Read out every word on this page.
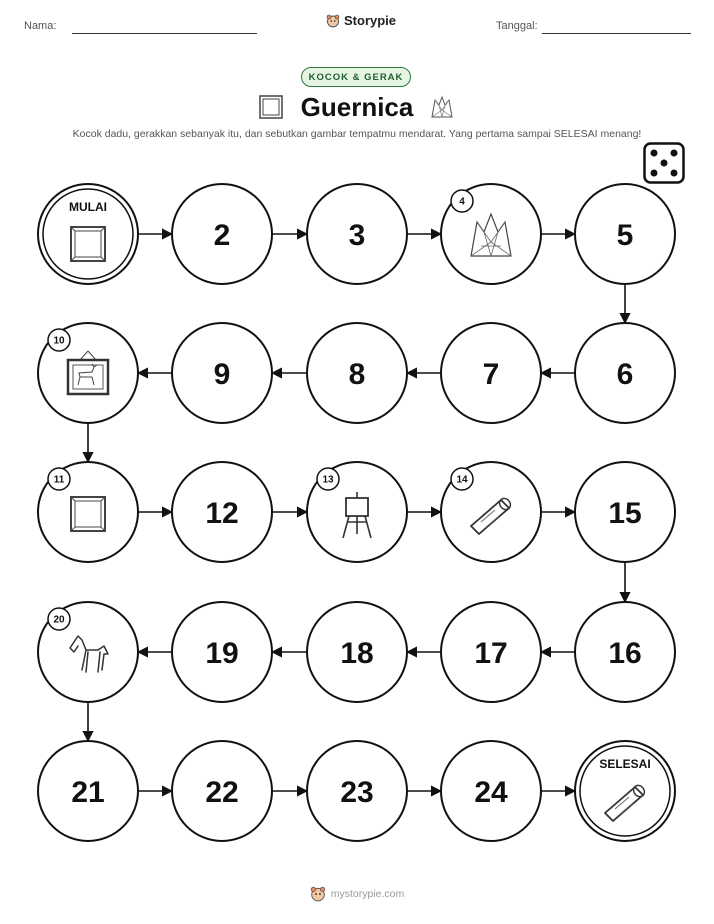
Nama:	Storypie	Tanggal:
KOCOK & GERAK
Guernica
Kocok dadu, gerakkan sebanyak itu, dan sebutkan gambar tempatmu mendarat. Yang pertama sampai SELESAI menang!
MULAI
2	3
4
5
6
7
8
9
10
11
12
13	14
15
16
17
18
19
20
21	22	23	24
SELESAI
mystorypie.com
